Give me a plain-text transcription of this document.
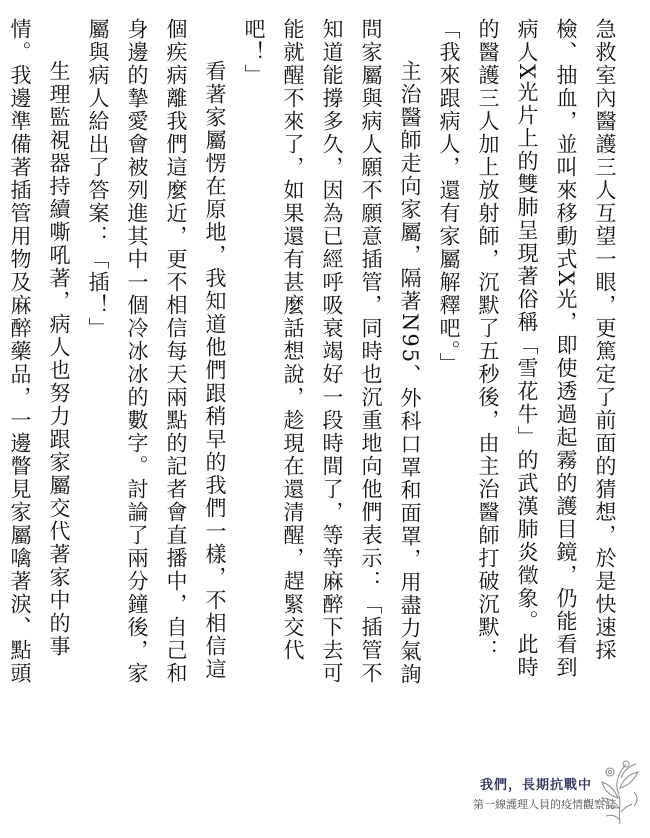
急救室內醫護三人互望一眼，更篤定了前面的猜想，於是快速採檢、抽血，並叫來移動式X光，即使透過起霧的護目鏡，仍能看到病人X光片上的雙肺呈現著俗稱「雪花牛」的武漢肺炎徵象。此時的醫護三人加上放射師，沉默了五秒後，由主治醫師打破沉默：「我來跟病人，還有家屬解釋吧。」

主治醫師走向家屬，隔著N95、外科口罩和面罩，用盡力氣詢問家屬與病人願不願意插管，同時也沉重地向他們表示：「插管不知道能撐多久，因為已經呼吸衰竭好一段時間了，等等麻醉下去可能就醒不來了，如果還有甚麼話想說，趁現在還清醒，趕緊交代吧！」

看著家屬愣在原地，我知道他們跟稍早的我們一樣，不相信這個疾病離我們這麼近，更不相信每天兩點的記者會直播中，自己和身邊的摯愛會被列進其中一個冷冰冰的數字。討論了兩分鐘後，家屬與病人給出了答案：「插！」

生理監視器持續嘶吼著，病人也努力跟家屬交代著家中的事情。我邊準備著插管用物及麻醉藥品，一邊瞥見家屬噙著淚、點頭

我們，長期抗戰中
第一線護理人員的疫情觀察誌
